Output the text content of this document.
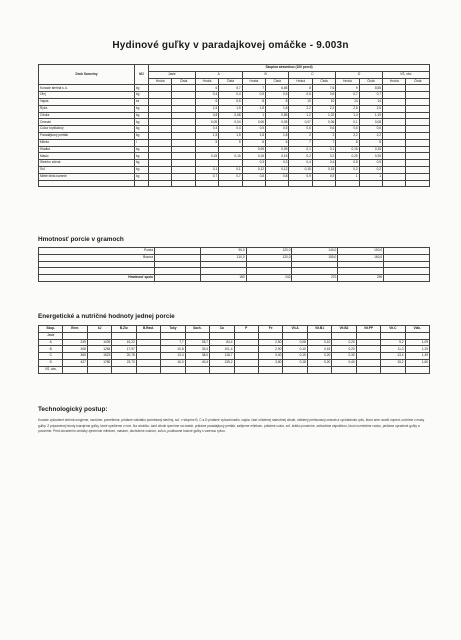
Hydinové guľky v paradajkovej omáčke - 9.003n
Druh Suroviny	MJ	Skupina stravníkov (100 porcií)											
		Jasle		A		B		C		D		VŠ, obv.	
		Hrubá	Čistá	Hrubá	Čistá	Hrubá	Čistá	Hrubá	Čistá	Hrubá	Čistá	Hrubá	Čistá
Kuracie stehná s. k.	kg			6	5,7	7	6,65	8	7,6	9	8,55		
Olej	kg			0,4	0,4	0,5	0,5	0,6	0,6	0,7	0,7		
Vajcia	ks			6	5,5	8	8	10	10	14	14		
Ryža	kg			1,5	1,5	1,8	1,8	2,2	2,2	2,6	2,6		
Cibuľa	kg			0,8	0,68	1	0,85	1,2	1,02	1,4	1,19		
Cesnak	kg			0,05	0,04	0,06	0,05	0,07	0,06	0,1	0,08		
Cukor kryštálový	kg			0,4	0,4	0,5	0,5	0,6	0,6	0,6	0,6		
Paradajkový pretlak	kg			1,5	1,5	1,8	1,8	2	2	2,2	2,2		
Mlieko	l			5	5	6	6	7	7	8	8		
Hladká	kg					0,05	0,05	0,1	0,1	0,15	0,15		
Maslo	kg			0,15	0,15	0,15	0,15	0,2	0,2	0,25	0,25		
Steinho zdená	kg					0,3	0,3	0,4	0,4	0,5	0,5		
Soľ	kg			0,1	0,1	0,12	0,12	0,15	0,15	0,2	0,2		
Mleté biela korenie	kg			0,7	0,7	0,8	0,8	0,9	0,9	1	1		

Hmotnosť porcie v gramoch
Porcia		90,0	120,0	140,0	150,0	
Bravca		110,0	120,0	150,0	160,0	

Hmotnosť spolu		180	240	270	290	
Energetické a nutričné hodnoty jednej porcie
Skup.	Ener.	kJ	B.Živ.	B.Rast.	Tuky	Sach.	Ca	P	Fe	Vit.A	Vit.B1	Vit.B2	Vit.PP	Vit.C	Vlák.
Jasle															
A	249	1039	15,22		7,7	28,7	84,4		2,50	0,08	0,10	0,20		9,2	1,09
B	308	1284	17,97		10,8	33,4	101,4		2,90	0,10	0,15	0,20		11,3	1,29
C	365	1523	20,78		13,4	38,0	118,7		3,40	0,15	0,20	0,30		13,4	1,49
D	427	1780	23,73		16,0	40,4	135,2		3,80	0,18	0,20	0,40		15,2	1,60
VŠ, obv.															
Technologický postup:
Kuracie vykostené stehná umyjeme, osušíme, pomelieme, pridáme nakrátko pomiešaný sterilný, soľ, v skupine B, C a D pridáme vyhusťovadlo, vajcia, časť očistenej nadrobnej cibule, očistený prelisovaný cesnak a vychladnutú ryžu, ktorú sme uvarili vopred, urobíme z masy guľky. Z pripravenej hmoty tvarujeme guľky, ktoré opečieme v rúre. Na omáčku: časť cibule speníme na masle, pridáme paradajkový pretlak, zalejeme mliekom, pridáme cukor, soľ, krátko povaríme, zahustíme záprážkou, ktorú rozriedime vodou, pridáme opražené guľky a povaríme. Pred dovarením omáčky zjemníme mliekom, maslom, dochutíme cukrom, soľou, podávame hotové guľky s varenou ryžou.
